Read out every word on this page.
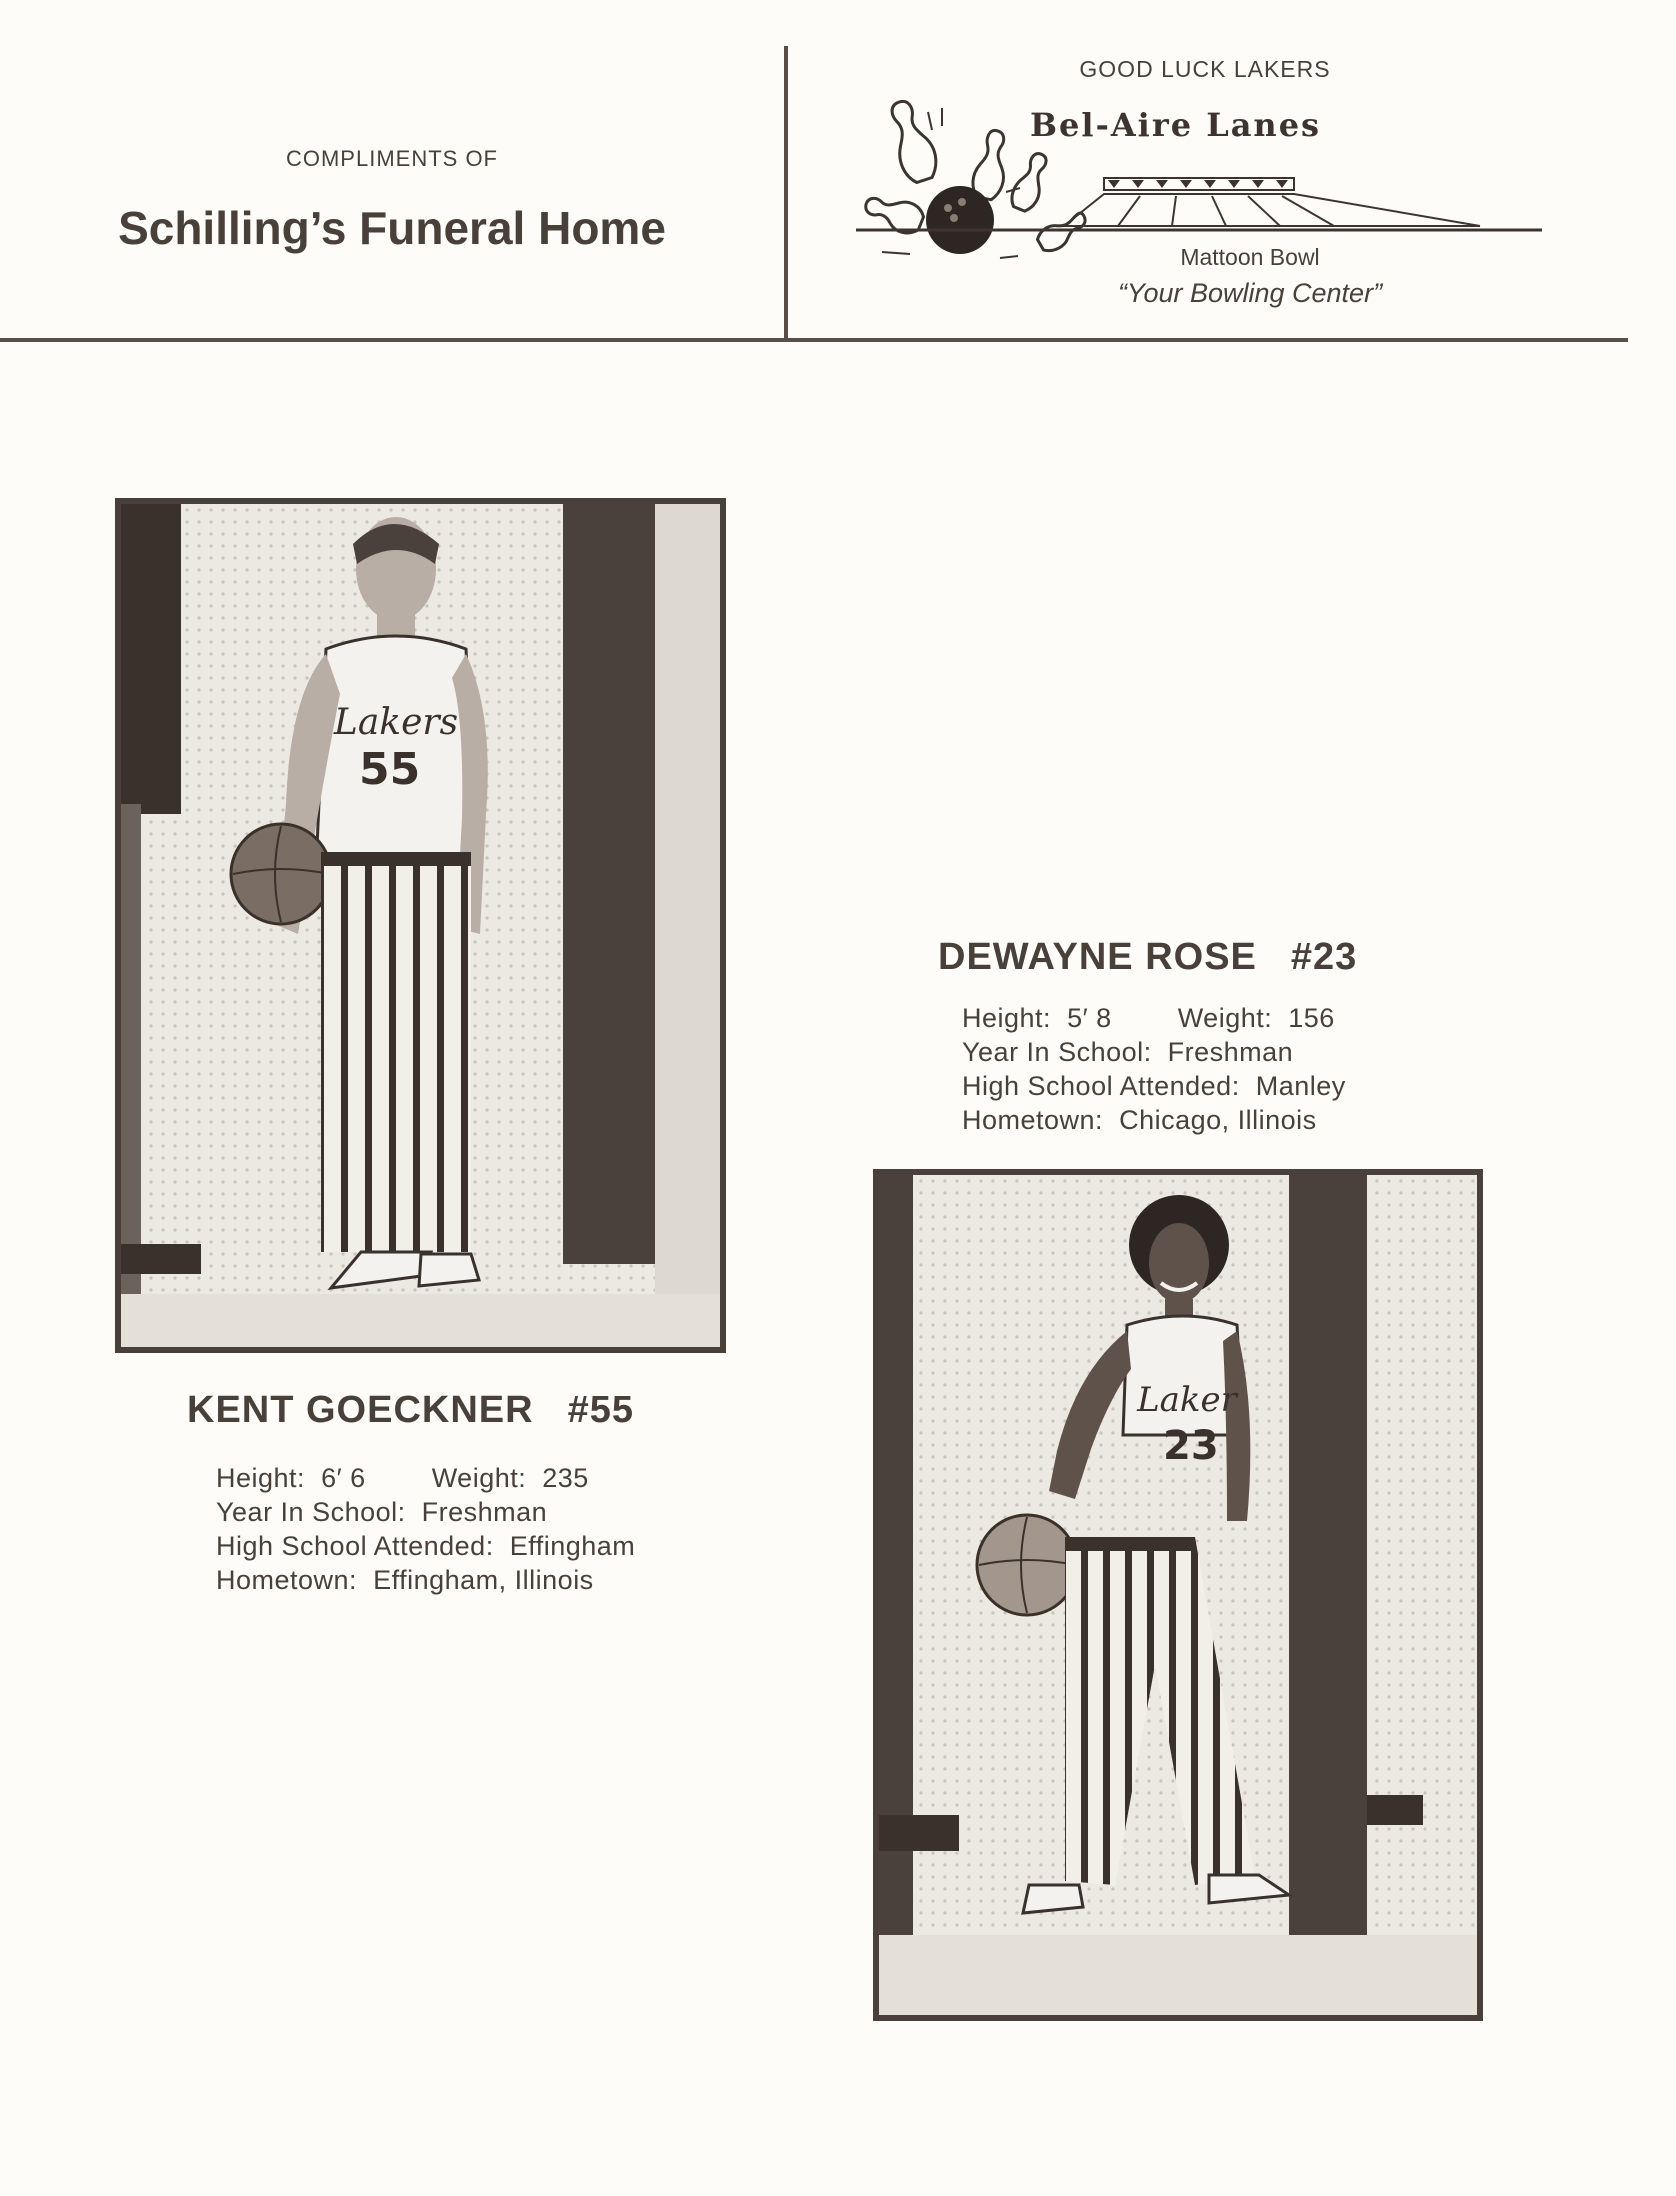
COMPLIMENTS OF
Schilling’s Funeral Home
GOOD LUCK LAKERS
Bel-Aire Lanes
Mattoon Bowl
“Your Bowling Center”
Lakers
55
KENT GOECKNER #55
Height: 6′ 6 Weight: 235
Year In School: Freshman
High School Attended: Effingham
Hometown: Effingham, Illinois
DEWAYNE ROSE #23
Height: 5′ 8 Weight: 156
Year In School: Freshman
High School Attended: Manley
Hometown: Chicago, Illinois
Laker
23
